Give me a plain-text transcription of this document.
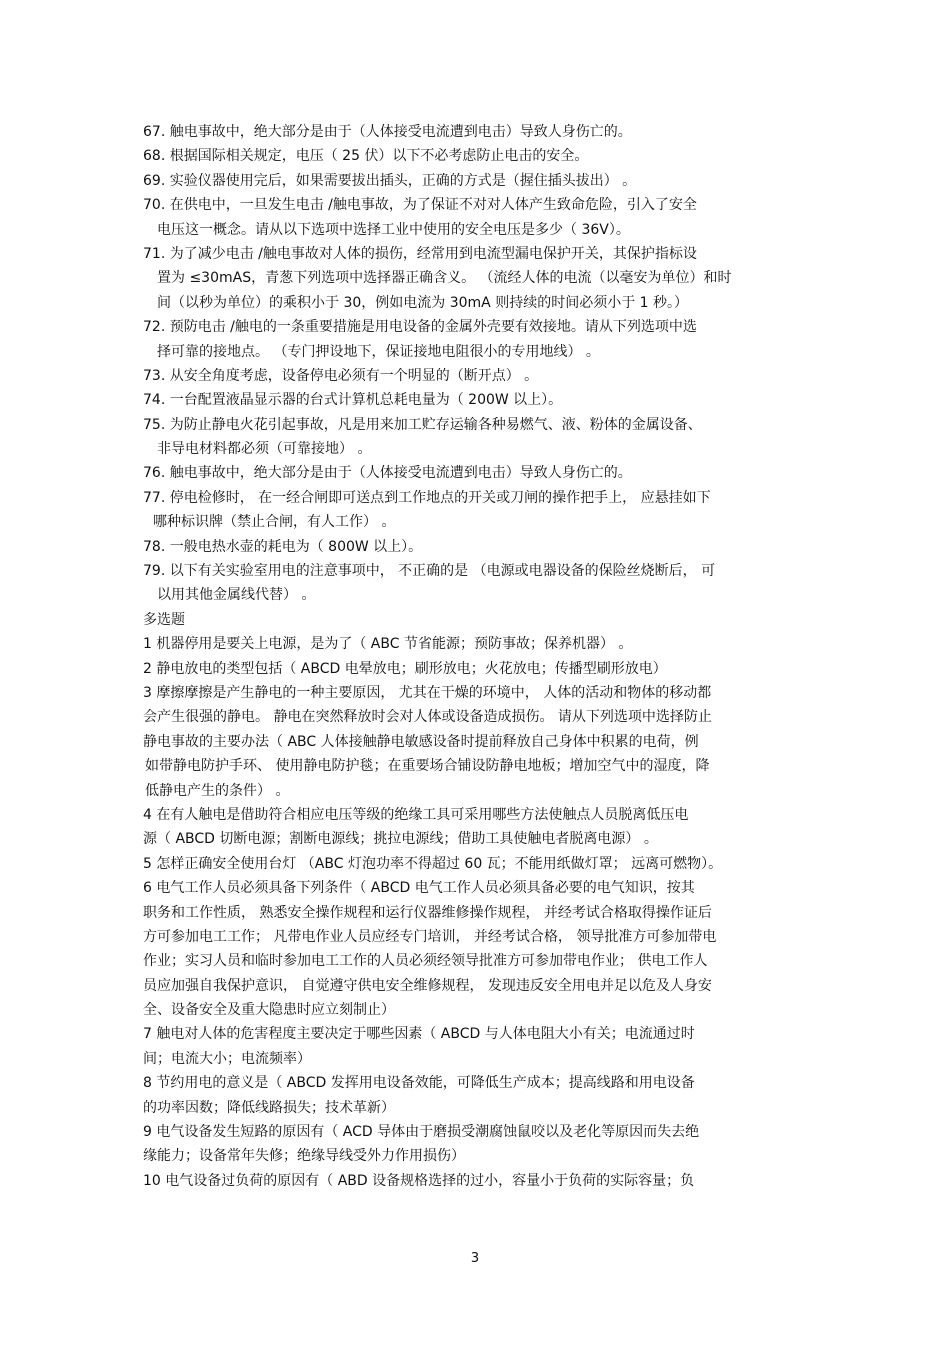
67. 触电事故中，绝大部分是由于（人体接受电流遭到电击）导致人身伤亡的。
68. 根据国际相关规定，电压（ 25 伏）以下不必考虑防止电击的安全。
69. 实验仪器使用完后，如果需要拔出插头，正确的方式是（握住插头拔出） 。
70. 在供电中，一旦发生电击 /触电事故，为了保证不对对人体产生致命危险，引入了安全
电压这一概念。请从以下选项中选择工业中使用的安全电压是多少（ 36V）。
71. 为了减少电击 /触电事故对人体的损伤，经常用到电流型漏电保护开关，其保护指标设
置为 ≤30mAS，青葱下列选项中选择器正确含义。 （流经人体的电流（以毫安为单位）和时
间（以秒为单位）的乘积小于 30，例如电流为 30mA 则持续的时间必须小于 1 秒。）
72. 预防电击 /触电的一条重要措施是用电设备的金属外壳要有效接地。请从下列选项中选
择可靠的接地点。 （专门押设地下，保证接地电阻很小的专用地线） 。
73. 从安全角度考虑，设备停电必须有一个明显的（断开点） 。
74. 一台配置液晶显示器的台式计算机总耗电量为（ 200W 以上）。
75. 为防止静电火花引起事故，凡是用来加工贮存运输各种易燃气、液、粉体的金属设备、
非导电材料都必须（可靠接地） 。
76. 触电事故中，绝大部分是由于（人体接受电流遭到电击）导致人身伤亡的。
77. 停电检修时， 在一经合闸即可送点到工作地点的开关或刀闸的操作把手上， 应悬挂如下
哪种标识牌（禁止合闸，有人工作） 。
78. 一般电热水壶的耗电为（ 800W 以上）。
79. 以下有关实验室用电的注意事项中， 不正确的是 （电源或电器设备的保险丝烧断后， 可
以用其他金属线代替） 。
多选题
1 机器停用是要关上电源，是为了（ ABC 节省能源；预防事故；保养机器） 。
2 静电放电的类型包括（ ABCD 电晕放电；刷形放电；火花放电；传播型刷形放电）
3 摩擦摩擦是产生静电的一种主要原因， 尤其在干燥的环境中， 人体的活动和物体的移动都
会产生很强的静电。 静电在突然释放时会对人体或设备造成损伤。 请从下列选项中选择防止
静电事故的主要办法（ ABC 人体接触静电敏感设备时提前释放自己身体中积累的电荷，例
如带静电防护手环、 使用静电防护毯；在重要场合铺设防静电地板；增加空气中的湿度，降
低静电产生的条件） 。
4 在有人触电是借助符合相应电压等级的绝缘工具可采用哪些方法使触点人员脱离低压电
源（ ABCD 切断电源；割断电源线；挑拉电源线；借助工具使触电者脱离电源） 。
5 怎样正确安全使用台灯 （ABC 灯泡功率不得超过 60 瓦；不能用纸做灯罩； 远离可燃物）。
6 电气工作人员必须具备下列条件（ ABCD 电气工作人员必须具备必要的电气知识，按其
职务和工作性质， 熟悉安全操作规程和运行仪器维修操作规程， 并经考试合格取得操作证后
方可参加电工工作； 凡带电作业人员应经专门培训， 并经考试合格， 领导批准方可参加带电
作业；实习人员和临时参加电工工作的人员必须经领导批准方可参加带电作业； 供电工作人
员应加强自我保护意识， 自觉遵守供电安全维修规程， 发现违反安全用电并足以危及人身安
全、设备安全及重大隐患时应立刻制止）
7 触电对人体的危害程度主要决定于哪些因素（ ABCD 与人体电阻大小有关；电流通过时
间；电流大小；电流频率）
8 节约用电的意义是（ ABCD 发挥用电设备效能，可降低生产成本；提高线路和用电设备
的功率因数；降低线路损失；技术革新）
9 电气设备发生短路的原因有（ ACD 导体由于磨损受潮腐蚀鼠咬以及老化等原因而失去绝
缘能力；设备常年失修；绝缘导线受外力作用损伤）
10 电气设备过负荷的原因有（ ABD 设备规格选择的过小，容量小于负荷的实际容量；负
3
